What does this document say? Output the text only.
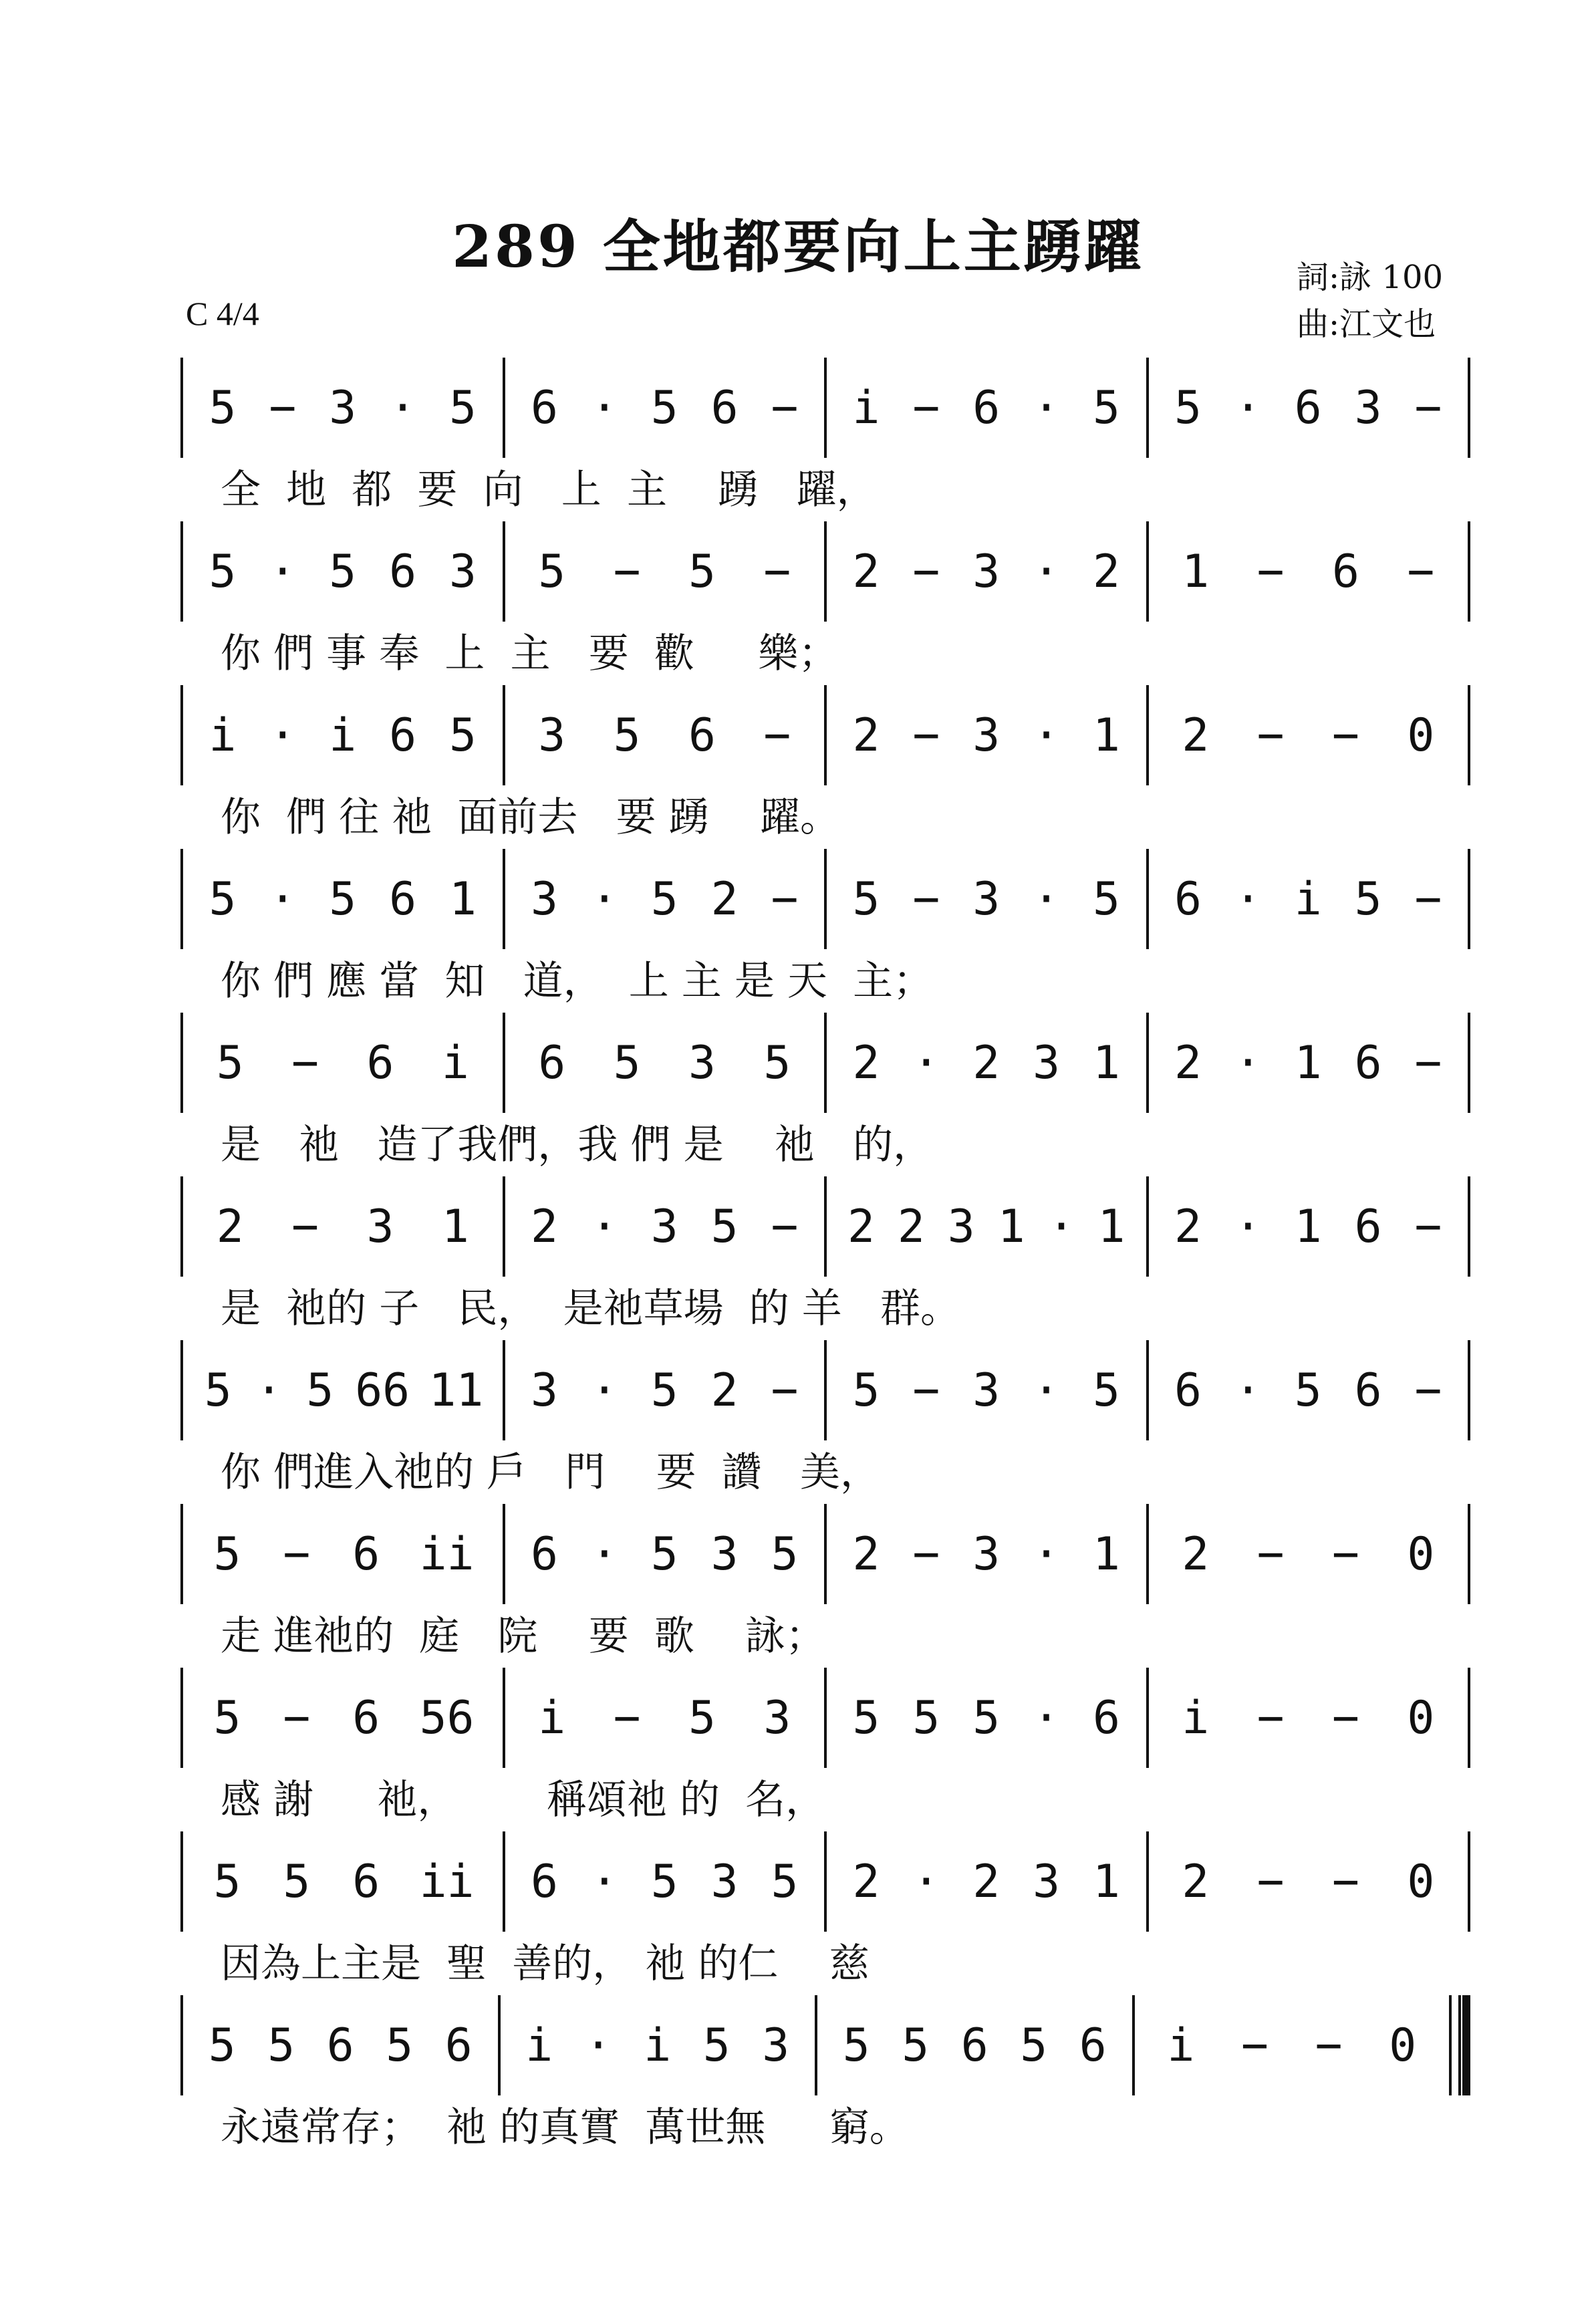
289 全地都要向上主踴躍
C 4/4
詞:詠 100
曲:江文也
5 − 3 · 5 6 · 5 6 − i − 6 · 5 5 · 6 3 −
全  地  都  要  向   上  主    踴   躍，
5 · 5 6 3 5 − 5 − 2 − 3 · 2 1 − 6 −
你 們 事 奉  上  主   要  歡     樂；
i · i 6 5 3 5 6 − 2 − 3 · 1 2 − − 0
你  們 往 祂  面前去   要 踴    躍。
5 · 5 6 1 3 · 5 2 − 5 − 3 · 5 6 · i 5 −
你 們 應 當  知   道，  上 主 是 天  主；
5 − 6 i 6 5 3 5 2 · 2 3 1 2 · 1 6 −
是   祂   造了我們，我 們 是    祂   的，
2 − 3 1 2 · 3 5 − 2 2 3 1 · 1 2 · 1 6 −
是  祂的 子   民，  是祂草場  的 羊   群。
5 · 5 66 11 3 · 5 2 − 5 − 3 · 5 6 · 5 6 −
你 們進入祂的 戶   門    要  讚   美，
5 − 6 ii 6 · 5 3 5 2 − 3 · 1 2 − − 0
走 進祂的  庭   院    要  歌    詠；
5 − 6 56 i − 5 3 5 5 5 · 6 i − − 0
感 謝     祂，       稱頌祂 的  名，
5 5 6 ii 6 · 5 3 5 2 · 2 3 1 2 − − 0
因為上主是  聖  善的， 祂 的仁    慈
5 5 6 5 6 i · i 5 3 5 5 6 5 6 i − − 0
永遠常存；  祂 的真實  萬世無     窮。
